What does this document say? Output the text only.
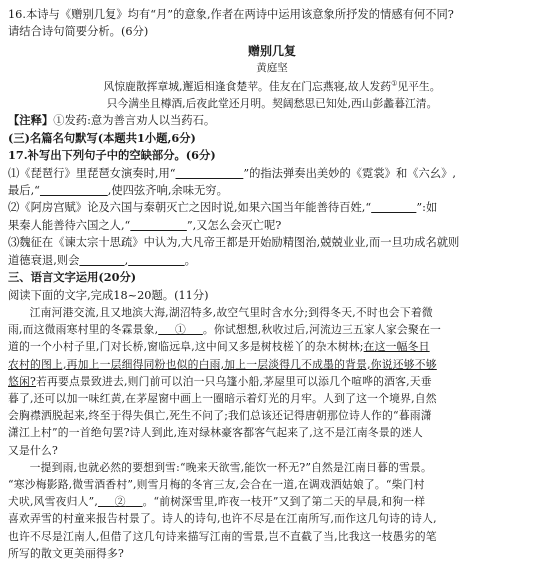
16.本诗与《赠别几复》均有“月”的意象,作者在两诗中运用该意象所抒发的情感有何不同?

请结合诗句简要分析。(6分)

赠别几复

黄庭坚

风惊鹿散挥章城,邂逅相逢食楚苹。佳友在门忘燕寝,故人发药①见平生。

只今满坐且樽酒,后夜此堂还月明。契阔愁思已知处,西山彭蠡暮江清。

【注释】①发药:意为善言劝人以当药石。

(三)名篇名句默写(本题共1小题,6分)

17.补写出下列句子中的空缺部分。(6分)

⑴《琵琶行》里琵琶女演奏时,用“      	”的指法弹奏出美妙的《霓裳》和《六幺》,

最后,“      	,使四弦齐响,余味无穷。

⑵《阿房宫赋》论及六国与秦朝灭亡之因时说,如果六国当年能善待百姓,“    	”:如

果秦人能善待六国之人,“     	”,又怎么会灭亡呢?

⑶魏征在《谏太宗十思疏》中认为,大凡帝王都是开始励精图治,兢兢业业,而一旦功成名就则

道德衰退,则会    	,     	。

三、语言文字运用(20分)

阅读下面的文字,完成18~20题。(11分)

江南河港交流,且又地滨大海,湖沼特多,故空气里时含水分;到得冬天,不时也会下着微

雨,而这微雨寒村里的冬霖景象,    ①    。你试想想,秋收过后,河流边三五家人家会聚在一

道的一个小村子里,门对长桥,窗临远阜,这中间又多是树枝槎丫的杂木树林;在这一幅冬日

农村的图上,再加上一层细得同粉也似的白雨,加上一层淡得几不成墨的背景,你说还够不够

悠闲?若再要点景致进去,则门前可以泊一只乌篷小船,茅屋里可以添几个喧哗的酒客,天垂

暮了,还可以加一味红黄,在茅屋窗中画上一圈暗示着灯光的月牢。人到了这一个境界,自然

会胸襟洒脱起来,终至于得失俱亡,死生不问了;我们总该还记得唐朝那位诗人作的“暮雨潇

潇江上村”的一首绝句罢?诗人到此,连对绿林豪客都客气起来了,这不是江南冬景的迷人

又是什么?

一提到雨,也就必然的要想到雪:“晚来天欲雪,能饮一杯无?”自然是江南日暮的雪景。

“寒沙梅影路,微雪酒香村”,则雪月梅的冬宵三友,会合在一道,在调戏酒姑娘了。“柴门村

犬吠,风雪夜归人”,    ②    。“前树深雪里,昨夜一枝开”又到了第二天的早晨,和狗一样

喜欢弄雪的村童来报告村景了。诗人的诗句,也许不尽是在江南所写,而作这几句诗的诗人,

也许不尽是江南人,但借了这几句诗来描写江南的雪景,岂不直截了当,比我这一枝愚劣的笔

所写的散文更美丽得多?
